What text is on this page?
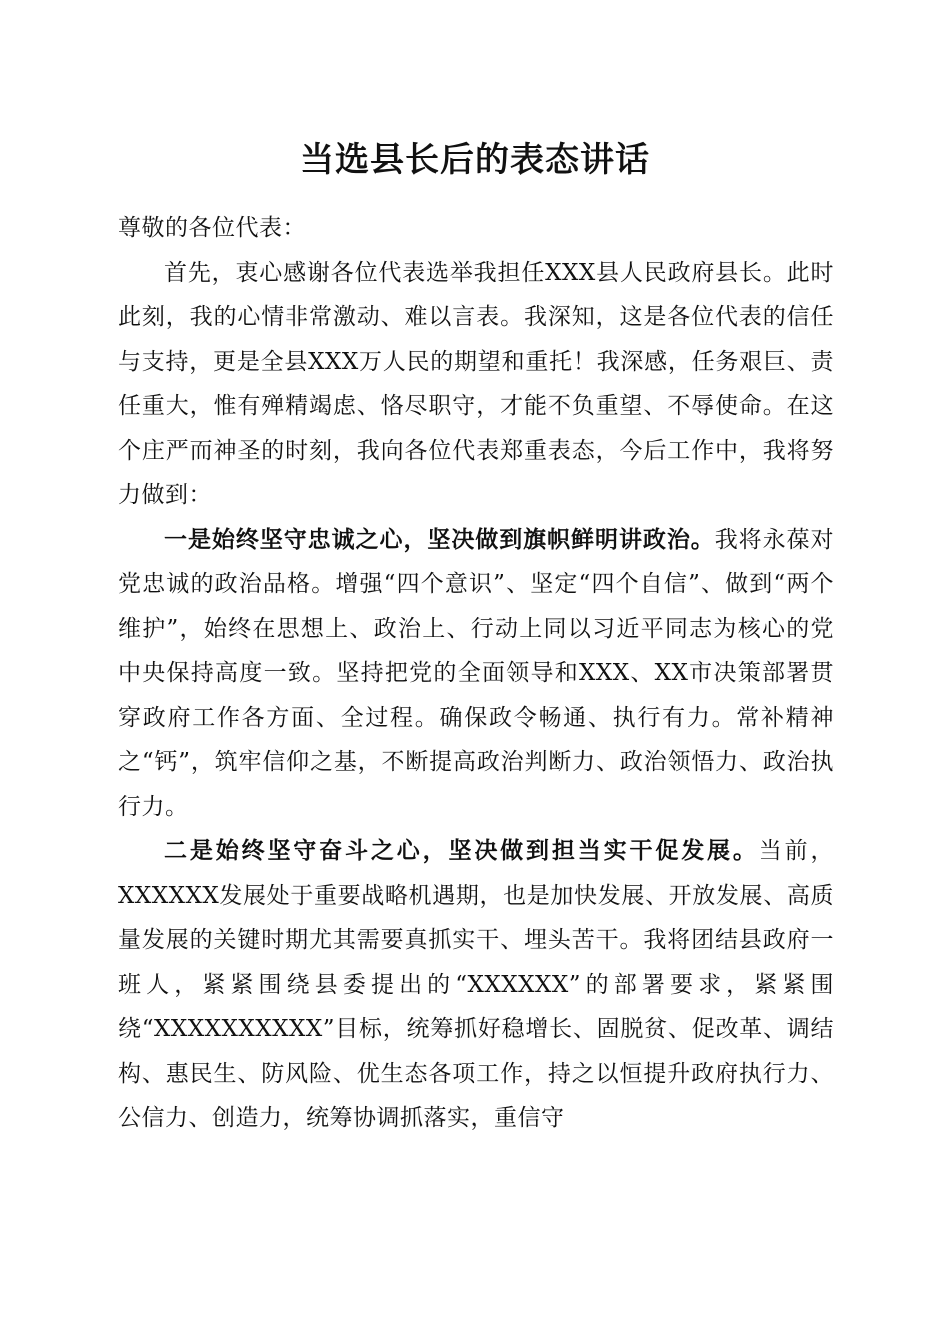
当选县长后的表态讲话

尊敬的各位代表：

首先，衷心感谢各位代表选举我担任XXX县人民政府县长。此时此刻，我的心情非常激动、难以言表。我深知，这是各位代表的信任与支持，更是全县XXX万人民的期望和重托！我深感，任务艰巨、责任重大，惟有殚精竭虑、恪尽职守，才能不负重望、不辱使命。在这个庄严而神圣的时刻，我向各位代表郑重表态，今后工作中，我将努力做到：

一是始终坚守忠诚之心，坚决做到旗帜鲜明讲政治。我将永葆对党忠诚的政治品格。增强“四个意识”、坚定“四个自信”、做到“两个维护”，始终在思想上、政治上、行动上同以习近平同志为核心的党中央保持高度一致。坚持把党的全面领导和XXX、XX市决策部署贯穿政府工作各方面、全过程。确保政令畅通、执行有力。常补精神之“钙”，筑牢信仰之基，不断提高政治判断力、政治领悟力、政治执行力。

二是始终坚守奋斗之心，坚决做到担当实干促发展。当前，XXXXXX发展处于重要战略机遇期，也是加快发展、开放发展、高质量发展的关键时期尤其需要真抓实干、埋头苦干。我将团结县政府一班人，紧紧围绕县委提出的“XXXXXX”的部署要求，紧紧围绕“XXXXXXXXXX”目标，统筹抓好稳增长、固脱贫、促改革、调结构、惠民生、防风险、优生态各项工作，持之以恒提升政府执行力、公信力、创造力，统筹协调抓落实，重信守
